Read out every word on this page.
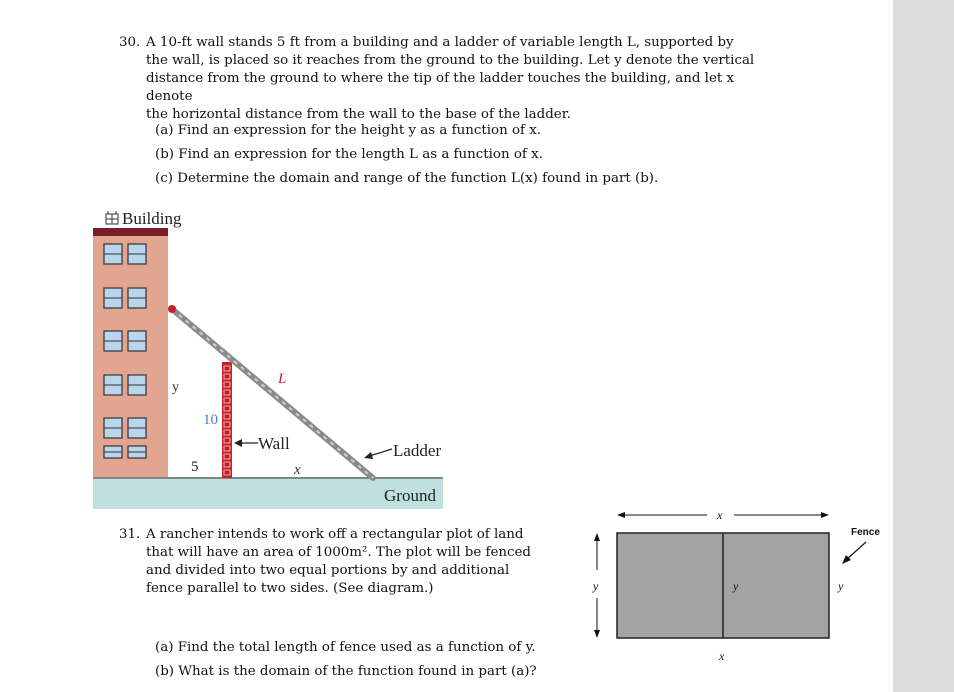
30. A 10-ft wall stands 5 ft from a building and a ladder of variable length L, supported by
the wall, is placed so it reaches from the ground to the building. Let y denote the vertical
distance from the ground to where the tip of the ladder touches the building, and let x denote
the horizontal distance from the wall to the base of the ladder.
(a) Find an expression for the height y as a function of x.
(b) Find an expression for the length L as a function of x.
(c) Determine the domain and range of the function L(x) found in part (b).
Building
y
10
5
L
x
Wall	Ladder
Ground
x
y	y	y
x
Fence
31. A rancher intends to work off a rectangular plot of land
that will have an area of 1000m². The plot will be fenced
and divided into two equal portions by and additional
fence parallel to two sides. (See diagram.)
(a) Find the total length of fence used as a function of y.
(b) What is the domain of the function found in part (a)?
